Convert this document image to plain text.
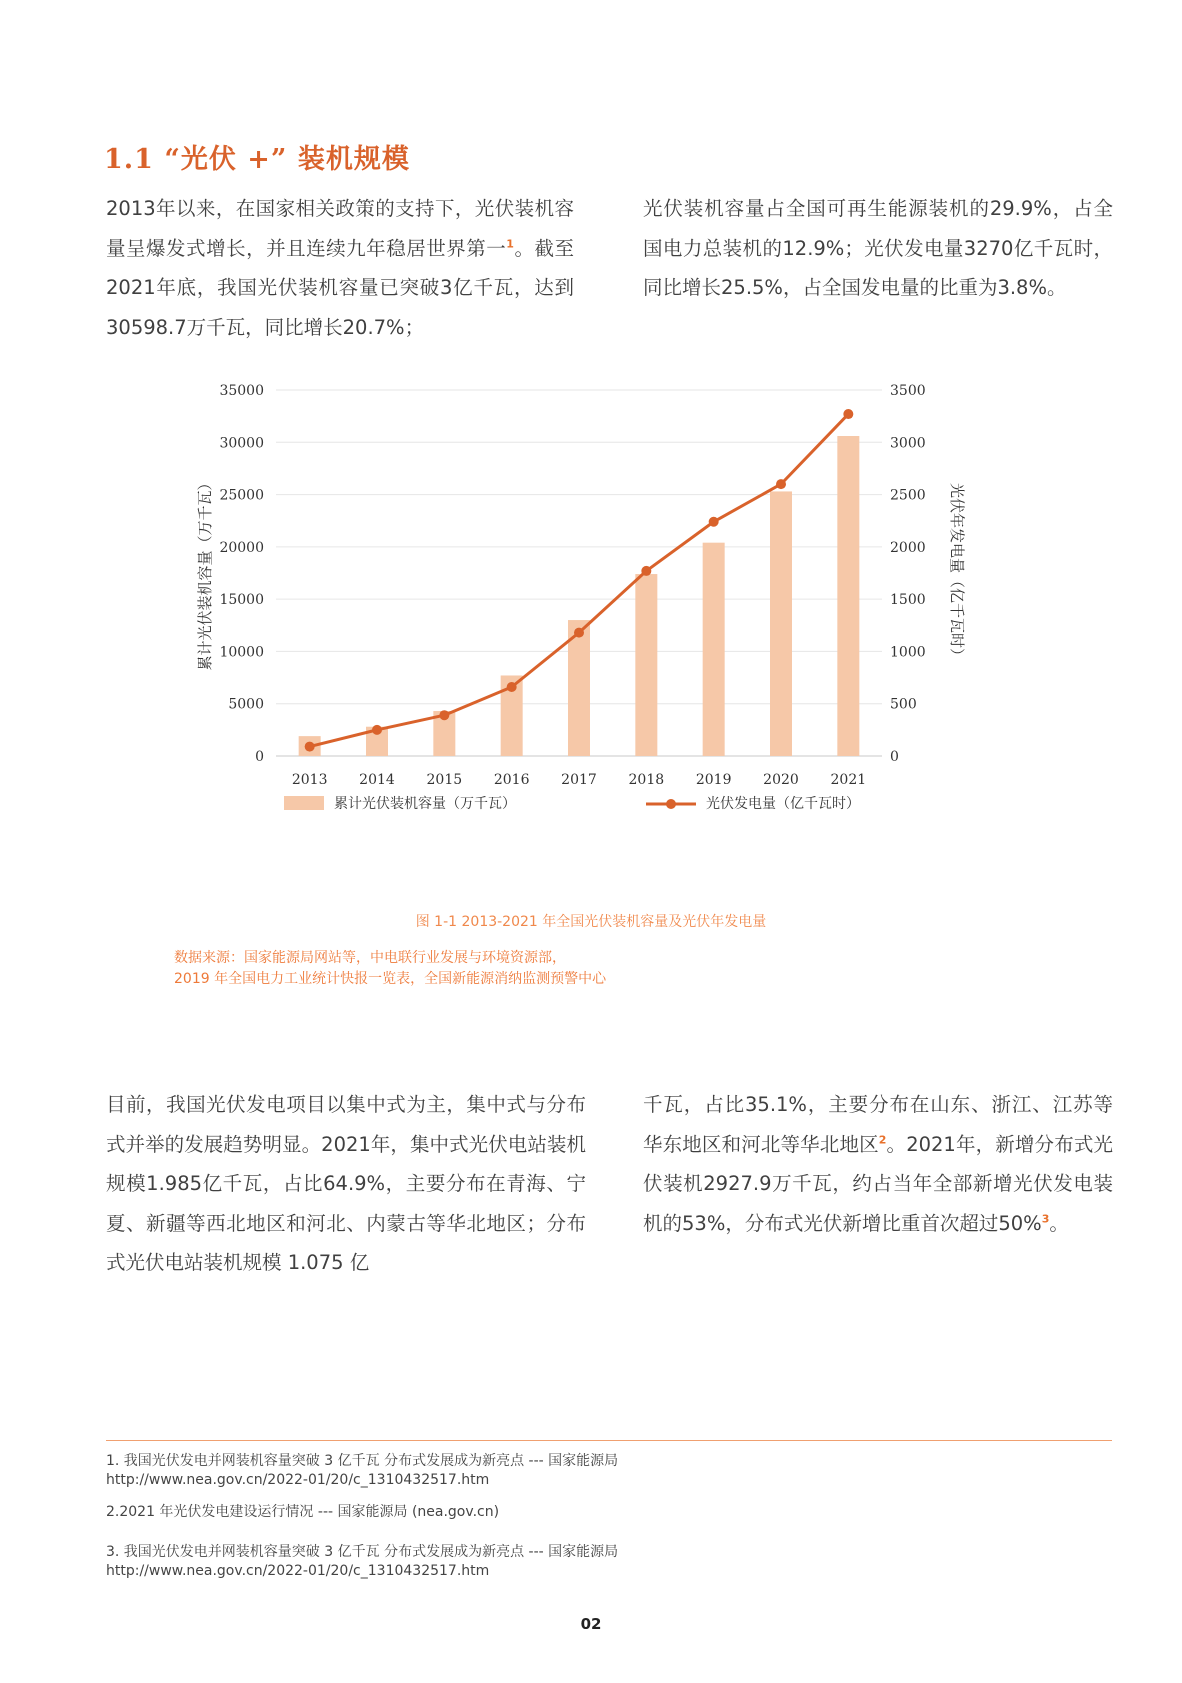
1.1 “光伏 +” 装机规模

2013年以来，在国家相关政策的支持下，光伏装机容量呈爆发式增长，并且连续九年稳居世界第一$^1$。截至2021年底，我国光伏装机容量已突破3亿千瓦，达到30598.7万千瓦，同比增长20.7%；

光伏装机容量占全国可再生能源装机的29.9%，占全国电力总装机的12.9%；光伏发电量3270亿千瓦时，同比增长25.5%，占全国发电量的比重为3.8%。

0
5000
10000
15000
20000
25000
30000
35000
0
500
1000
1500
2000
2500
3000
3500
2013 2014 2015 2016 2017 2018 2019 2020 2021
累计光伏装机容量（万千瓦）	光伏年发电量（亿千瓦时）
累计光伏装机容量（万千瓦）	光伏发电量（亿千瓦时）

图 1-1 2013-2021 年全国光伏装机容量及光伏年发电量

数据来源：国家能源局网站等，中电联行业发展与环境资源部，
2019 年全国电力工业统计快报一览表，全国新能源消纳监测预警中心

目前，我国光伏发电项目以集中式为主，集中式与分布式并举的发展趋势明显。2021年，集中式光伏电站装机规模1.985亿千瓦，占比64.9%，主要分布在青海、宁夏、新疆等西北地区和河北、内蒙古等华北地区；分布式光伏电站装机规模 1.075 亿

千瓦，占比35.1%，主要分布在山东、浙江、江苏等华东地区和河北等华北地区$^2$。2021年，新增分布式光伏装机2927.9万千瓦，约占当年全部新增光伏发电装机的53%，分布式光伏新增比重首次超过50%$^3$。

1. 我国光伏发电并网装机容量突破 3 亿千瓦 分布式发展成为新亮点 --- 国家能源局
http://www.nea.gov.cn/2022-01/20/c_1310432517.htm

2.2021 年光伏发电建设运行情况 --- 国家能源局 (nea.gov.cn)

3. 我国光伏发电并网装机容量突破 3 亿千瓦 分布式发展成为新亮点 --- 国家能源局
http://www.nea.gov.cn/2022-01/20/c_1310432517.htm

02
